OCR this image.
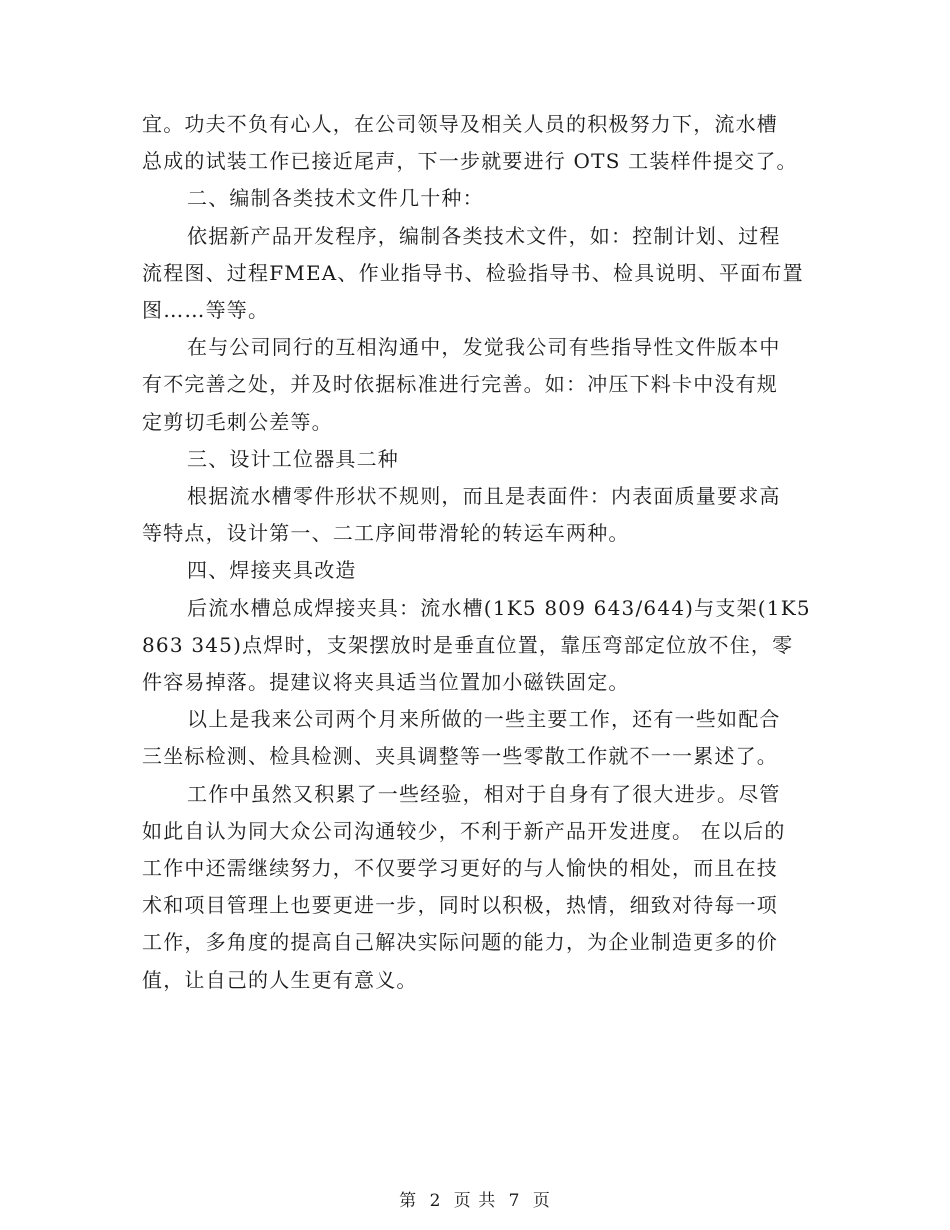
宜。功夫不负有心人，在公司领导及相关人员的积极努力下，流水槽
总成的试装工作已接近尾声，下一步就要进行 OTS 工装样件提交了。
二、编制各类技术文件几十种：
依据新产品开发程序，编制各类技术文件，如：控制计划、过程
流程图、过程FMEA、作业指导书、检验指导书、检具说明、平面布置
图……等等。
在与公司同行的互相沟通中，发觉我公司有些指导性文件版本中
有不完善之处，并及时依据标准进行完善。如：冲压下料卡中没有规
定剪切毛刺公差等。
三、设计工位器具二种
根据流水槽零件形状不规则，而且是表面件：内表面质量要求高
等特点，设计第一、二工序间带滑轮的转运车两种。
四、焊接夹具改造
后流水槽总成焊接夹具：流水槽(1K5 809 643/644)与支架(1K5
863 345)点焊时，支架摆放时是垂直位置，靠压弯部定位放不住，零
件容易掉落。提建议将夹具适当位置加小磁铁固定。
以上是我来公司两个月来所做的一些主要工作，还有一些如配合
三坐标检测、检具检测、夹具调整等一些零散工作就不一一累述了。
工作中虽然又积累了一些经验，相对于自身有了很大进步。尽管
如此自认为同大众公司沟通较少，不利于新产品开发进度。 在以后的
工作中还需继续努力，不仅要学习更好的与人愉快的相处，而且在技
术和项目管理上也要更进一步，同时以积极，热情，细致对待每一项
工作，多角度的提高自己解决实际问题的能力，为企业制造更多的价
值，让自己的人生更有意义。
第 2 页 共 7 页
